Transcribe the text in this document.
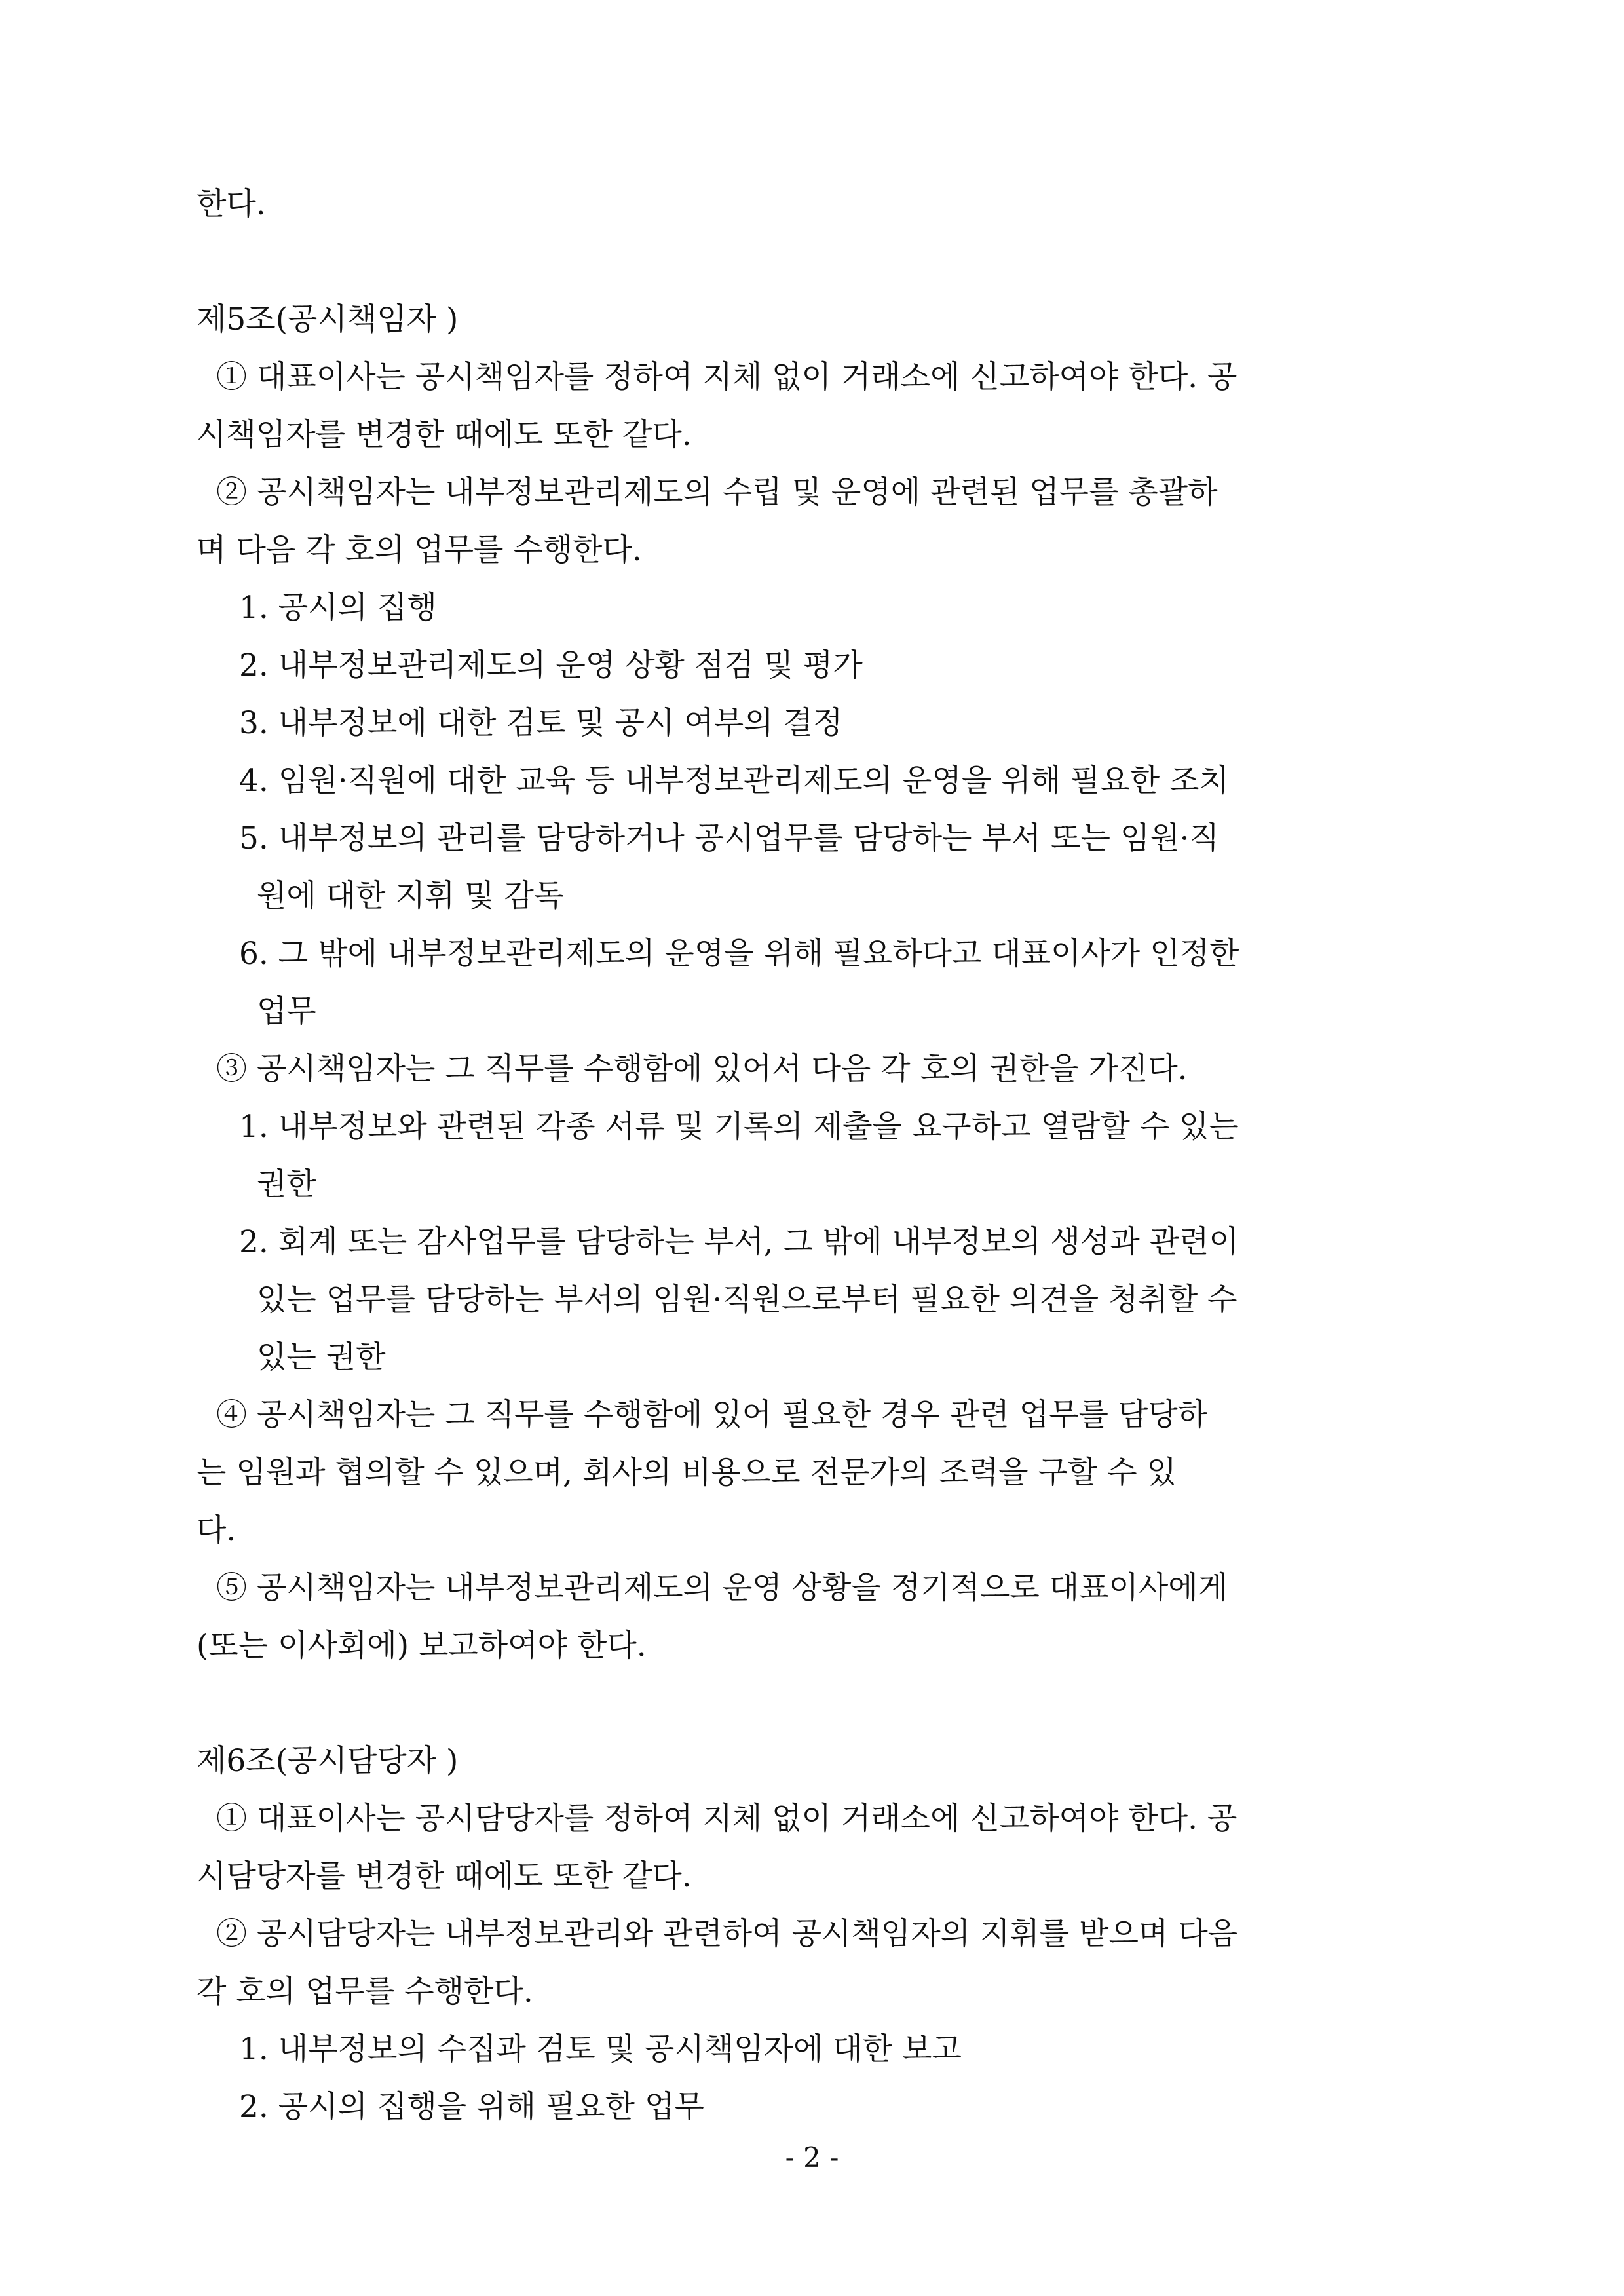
한다.
제5조(공시책임자 )
① 대표이사는 공시책임자를 정하여 지체 없이 거래소에 신고하여야 한다. 공
시책임자를 변경한 때에도 또한 같다.
② 공시책임자는 내부정보관리제도의 수립 및 운영에 관련된 업무를 총괄하
며 다음 각 호의 업무를 수행한다.
1. 공시의 집행
2. 내부정보관리제도의 운영 상황 점검 및 평가
3. 내부정보에 대한 검토 및 공시 여부의 결정
4. 임원·직원에 대한 교육 등 내부정보관리제도의 운영을 위해 필요한 조치
5. 내부정보의 관리를 담당하거나 공시업무를 담당하는 부서 또는 임원·직
원에 대한 지휘 및 감독
6. 그 밖에 내부정보관리제도의 운영을 위해 필요하다고 대표이사가 인정한
업무
③ 공시책임자는 그 직무를 수행함에 있어서 다음 각 호의 권한을 가진다.
1. 내부정보와 관련된 각종 서류 및 기록의 제출을 요구하고 열람할 수 있는
권한
2. 회계 또는 감사업무를 담당하는 부서, 그 밖에 내부정보의 생성과 관련이
있는 업무를 담당하는 부서의 임원·직원으로부터 필요한 의견을 청취할 수
있는 권한
④ 공시책임자는 그 직무를 수행함에 있어 필요한 경우 관련 업무를 담당하
는 임원과 협의할 수 있으며, 회사의 비용으로 전문가의 조력을 구할 수 있
다.
⑤ 공시책임자는 내부정보관리제도의 운영 상황을 정기적으로 대표이사에게
(또는 이사회에) 보고하여야 한다.
제6조(공시담당자 )
① 대표이사는 공시담당자를 정하여 지체 없이 거래소에 신고하여야 한다. 공
시담당자를 변경한 때에도 또한 같다.
② 공시담당자는 내부정보관리와 관련하여 공시책임자의 지휘를 받으며 다음
각 호의 업무를 수행한다.
1. 내부정보의 수집과 검토 및 공시책임자에 대한 보고
2. 공시의 집행을 위해 필요한 업무
- 2 -
